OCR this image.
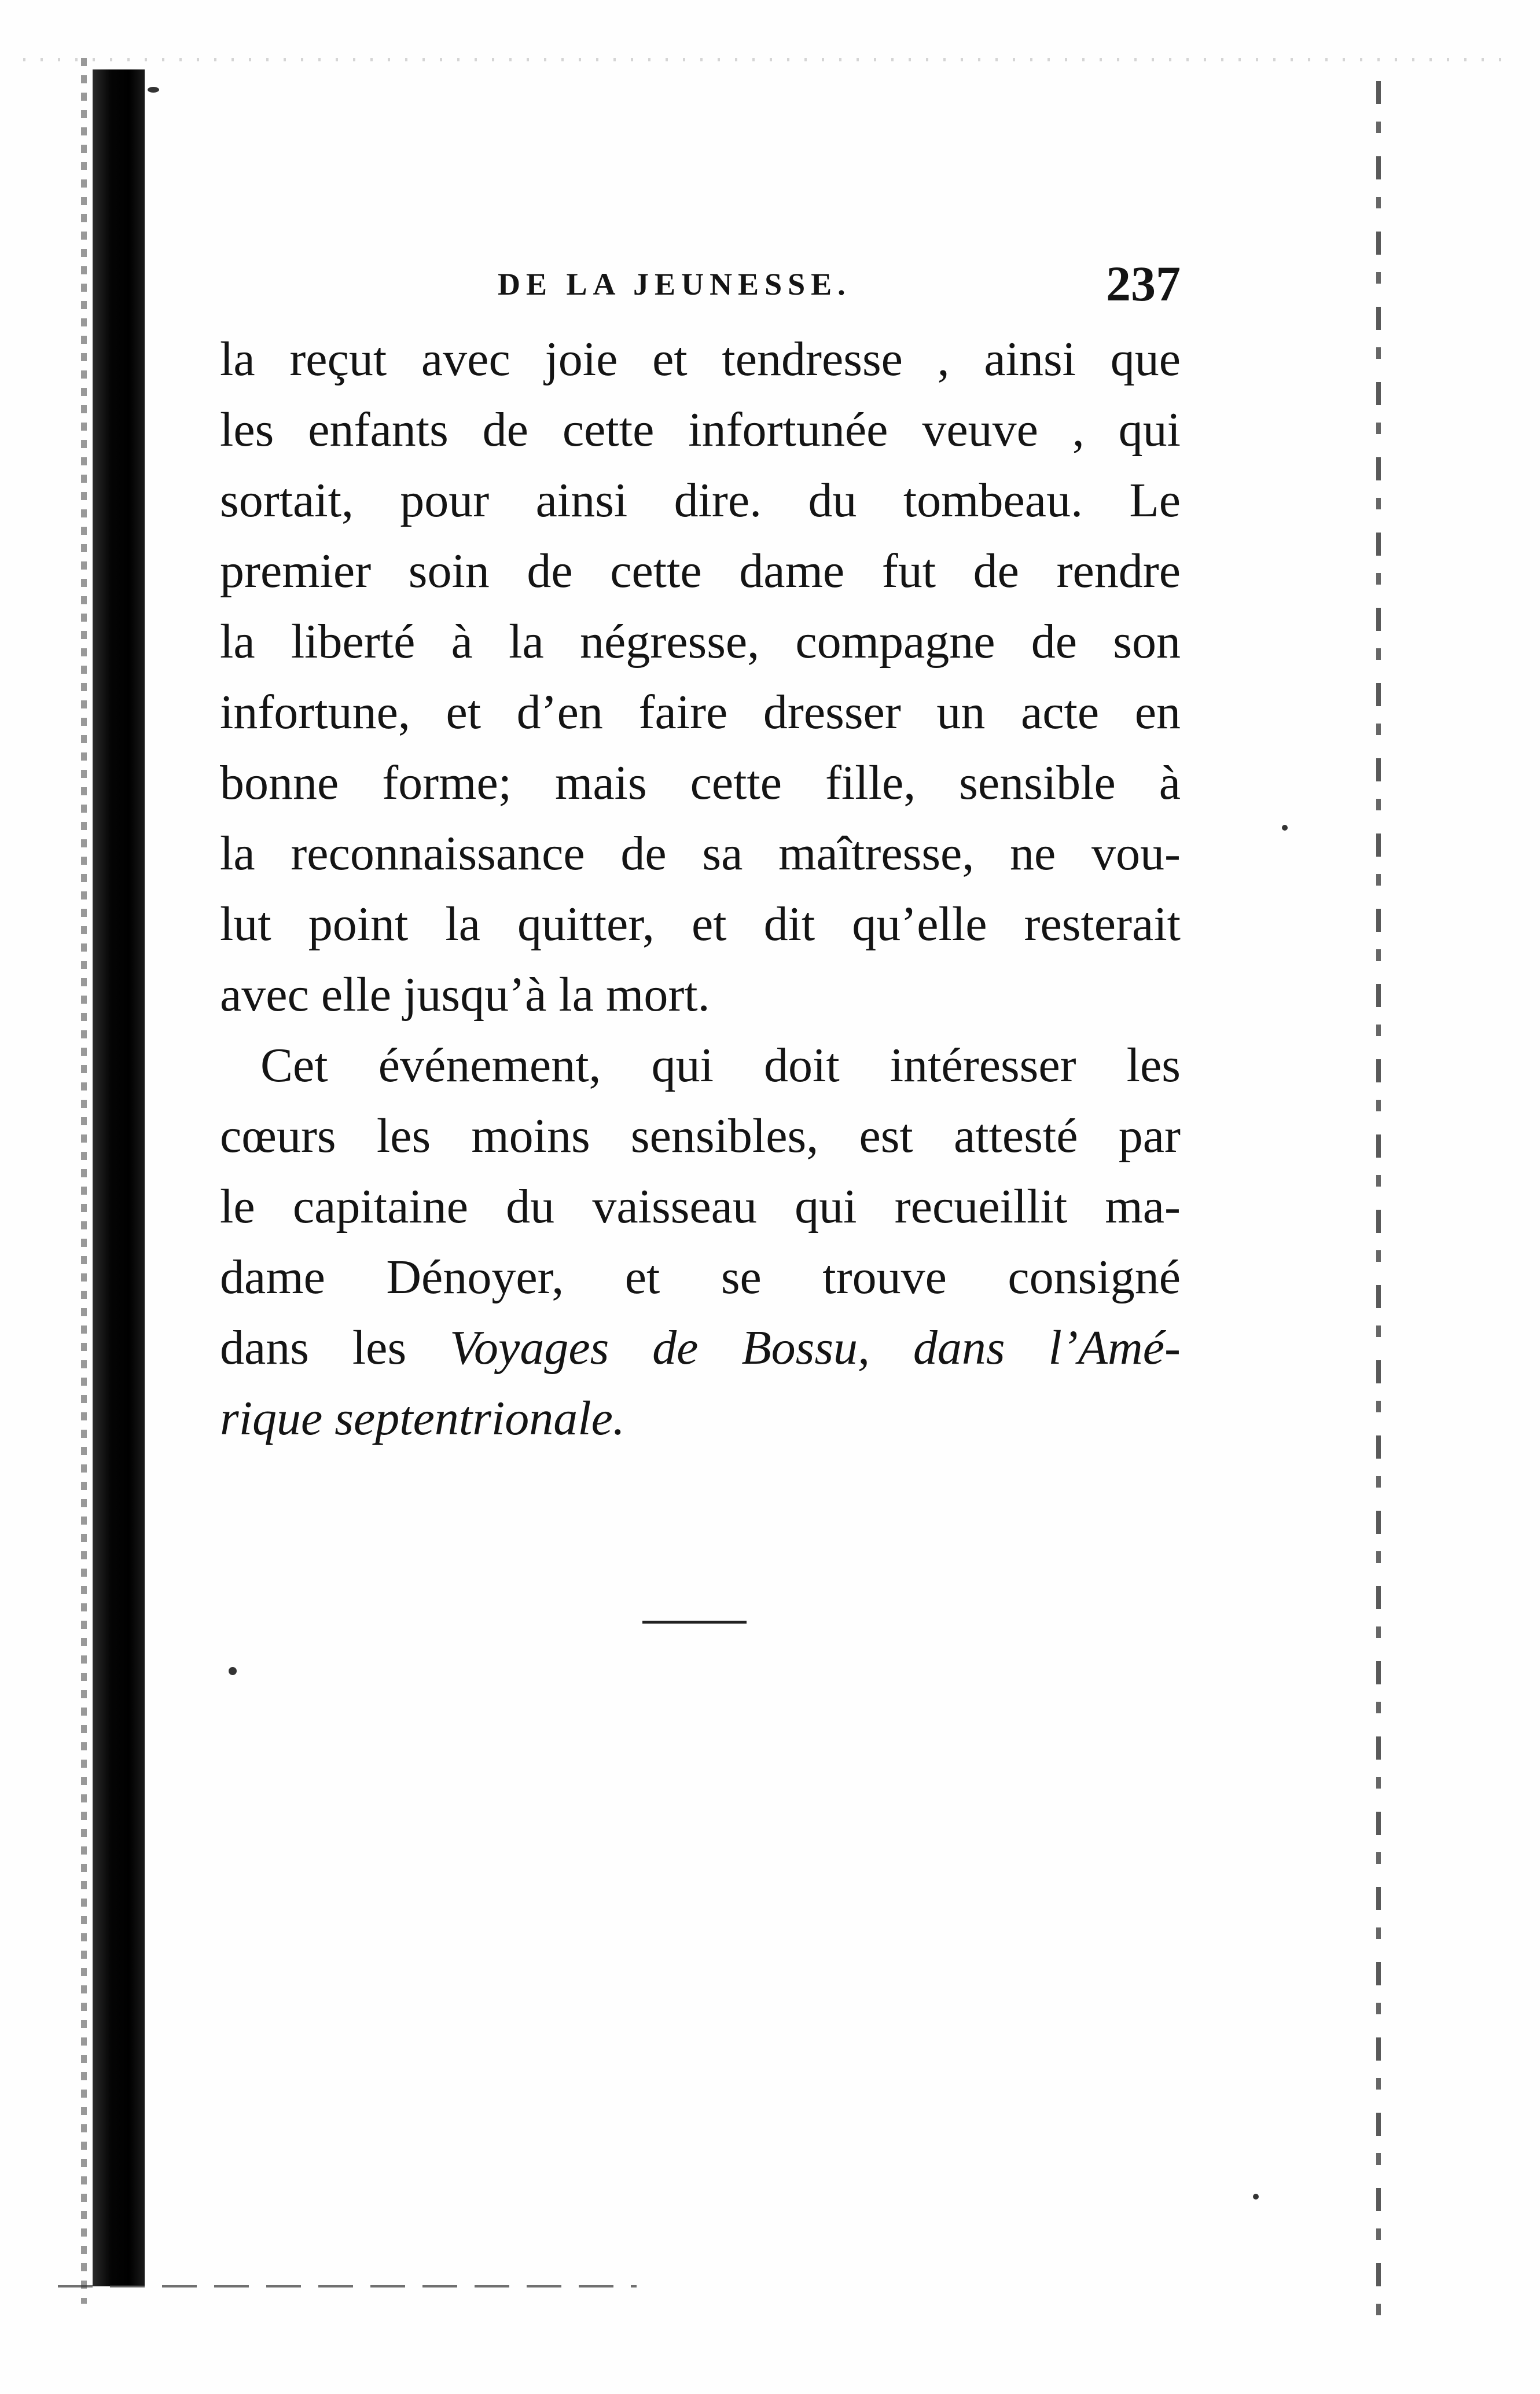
DE LA JEUNESSE.	237
la reçut avec joie et tendresse , ainsi que
les enfants de cette infortunée veuve , qui
sortait, pour ainsi dire. du tombeau. Le
premier soin de cette dame fut de rendre
la liberté à la négresse, compagne de son
infortune, et d’en faire dresser un acte en
bonne forme; mais cette fille, sensible à
la reconnaissance de sa maîtresse, ne vou-
lut point la quitter, et dit qu’elle resterait
avec elle jusqu’à la mort.
Cet événement, qui doit intéresser les
cœurs les moins sensibles, est attesté par
le capitaine du vaisseau qui recueillit ma-
dame Dénoyer, et se trouve consigné
dans les Voyages de Bossu, dans l’Amé-
rique septentrionale.
